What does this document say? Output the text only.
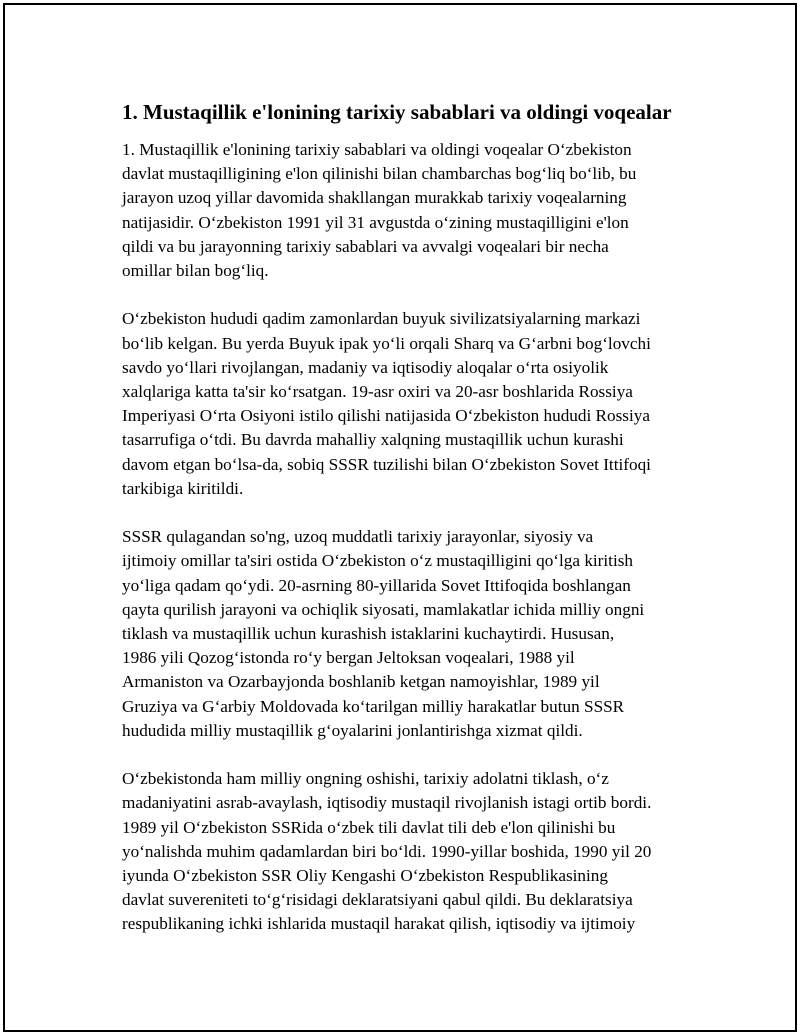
1. Mustaqillik e'lonining tarixiy sabablari va oldingi voqealar

1. Mustaqillik e'lonining tarixiy sabablari va oldingi voqealar O‘zbekiston
davlat mustaqilligining e'lon qilinishi bilan chambarchas bog‘liq bo‘lib, bu
jarayon uzoq yillar davomida shakllangan murakkab tarixiy voqealarning
natijasidir. O‘zbekiston 1991 yil 31 avgustda o‘zining mustaqilligini e'lon
qildi va bu jarayonning tarixiy sabablari va avvalgi voqealari bir necha
omillar bilan bog‘liq.

O‘zbekiston hududi qadim zamonlardan buyuk sivilizatsiyalarning markazi
bo‘lib kelgan. Bu yerda Buyuk ipak yo‘li orqali Sharq va G‘arbni bog‘lovchi
savdo yo‘llari rivojlangan, madaniy va iqtisodiy aloqalar o‘rta osiyolik
xalqlariga katta ta'sir ko‘rsatgan. 19-asr oxiri va 20-asr boshlarida Rossiya
Imperiyasi O‘rta Osiyoni istilo qilishi natijasida O‘zbekiston hududi Rossiya
tasarrufiga o‘tdi. Bu davrda mahalliy xalqning mustaqillik uchun kurashi
davom etgan bo‘lsa-da, sobiq SSSR tuzilishi bilan O‘zbekiston Sovet Ittifoqi
tarkibiga kiritildi.

SSSR qulagandan so'ng, uzoq muddatli tarixiy jarayonlar, siyosiy va
ijtimoiy omillar ta'siri ostida O‘zbekiston o‘z mustaqilligini qo‘lga kiritish
yo‘liga qadam qo‘ydi. 20-asrning 80-yillarida Sovet Ittifoqida boshlangan
qayta qurilish jarayoni va ochiqlik siyosati, mamlakatlar ichida milliy ongni
tiklash va mustaqillik uchun kurashish istaklarini kuchaytirdi. Hususan,
1986 yili Qozog‘istonda ro‘y bergan Jeltoksan voqealari, 1988 yil
Armaniston va Ozarbayjonda boshlanib ketgan namoyishlar, 1989 yil
Gruziya va G‘arbiy Moldovada ko‘tarilgan milliy harakatlar butun SSSR
hududida milliy mustaqillik g‘oyalarini jonlantirishga xizmat qildi.

O‘zbekistonda ham milliy ongning oshishi, tarixiy adolatni tiklash, o‘z
madaniyatini asrab-avaylash, iqtisodiy mustaqil rivojlanish istagi ortib bordi.
1989 yil O‘zbekiston SSRida o‘zbek tili davlat tili deb e'lon qilinishi bu
yo‘nalishda muhim qadamlardan biri bo‘ldi. 1990-yillar boshida, 1990 yil 20
iyunda O‘zbekiston SSR Oliy Kengashi O‘zbekiston Respublikasining
davlat suvereniteti to‘g‘risidagi deklaratsiyani qabul qildi. Bu deklaratsiya
respublikaning ichki ishlarida mustaqil harakat qilish, iqtisodiy va ijtimoiy
